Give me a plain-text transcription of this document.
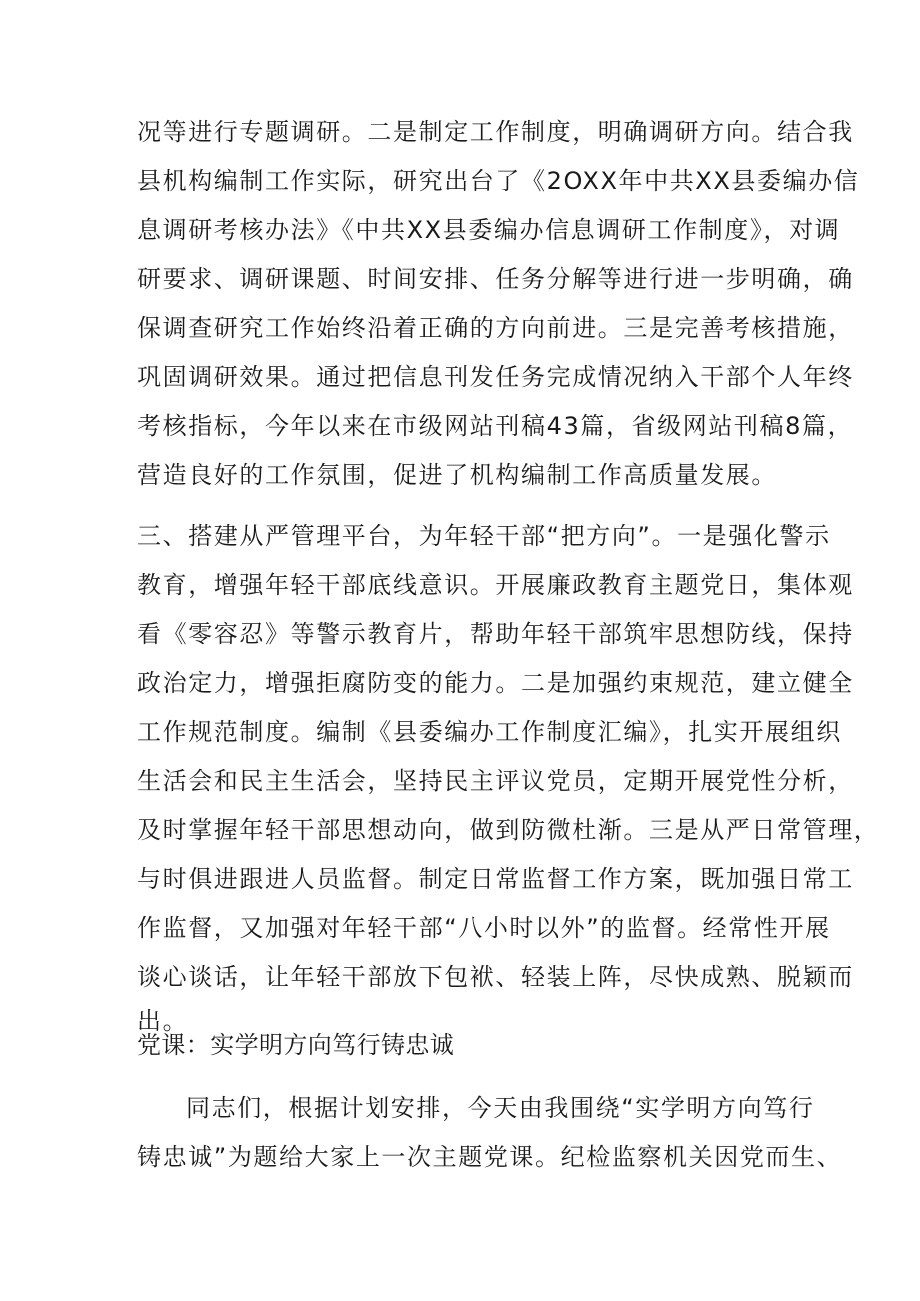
况等进行专题调研。二是制定工作制度，明确调研方向。结合我

县机构编制工作实际，研究出台了《2OXX年中共XX县委编办信

息调研考核办法》《中共XX县委编办信息调研工作制度》，对调

研要求、调研课题、时间安排、任务分解等进行进一步明确，确

保调查研究工作始终沿着正确的方向前进。三是完善考核措施，

巩固调研效果。通过把信息刊发任务完成情况纳入干部个人年终

考核指标，今年以来在市级网站刊稿43篇，省级网站刊稿8篇，

营造良好的工作氛围，促进了机构编制工作高质量发展。

三、搭建从严管理平台，为年轻干部“把方向”。一是强化警示

教育，增强年轻干部底线意识。开展廉政教育主题党日，集体观

看《零容忍》等警示教育片，帮助年轻干部筑牢思想防线，保持

政治定力，增强拒腐防变的能力。二是加强约束规范，建立健全

工作规范制度。编制《县委编办工作制度汇编》，扎实开展组织

生活会和民主生活会，坚持民主评议党员，定期开展党性分析，

及时掌握年轻干部思想动向，做到防微杜渐。三是从严日常管理，

与时俱进跟进人员监督。制定日常监督工作方案，既加强日常工

作监督，又加强对年轻干部“八小时以外”的监督。经常性开展

谈心谈话，让年轻干部放下包袱、轻装上阵，尽快成熟、脱颖而

出。

党课：实学明方向笃行铸忠诚

同志们，根据计划安排，今天由我围绕“实学明方向笃行

铸忠诚”为题给大家上一次主题党课。纪检监察机关因党而生、
